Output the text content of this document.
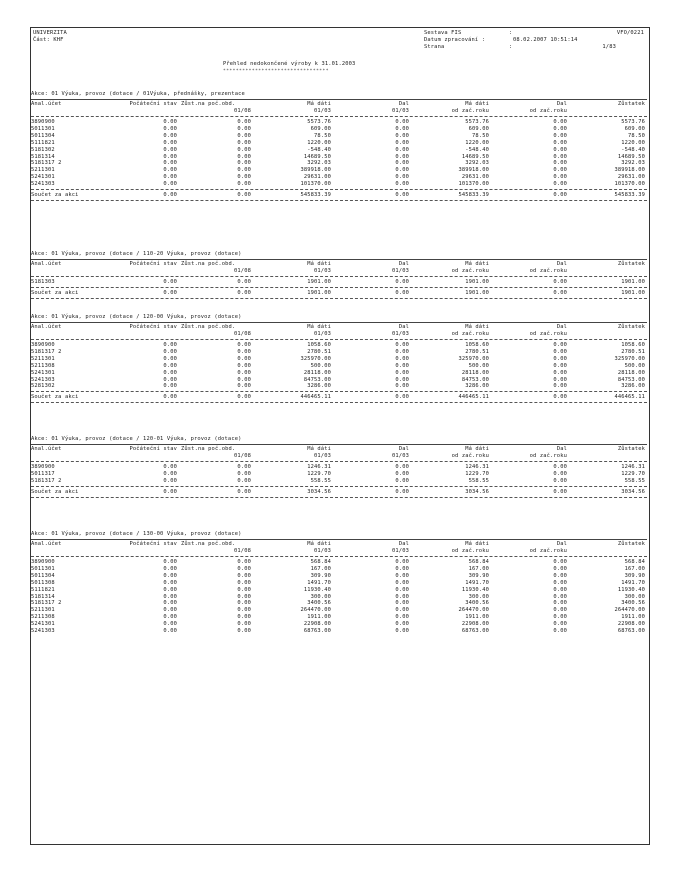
UNIVERZITA
Část: KHF
Sestava FIS	:	VFO/0221
Datum zpracování :	08.02.2007 10:51:14
Strana	:	1/83
Přehled nedokončené výroby k 31.01.2003
*********************************
Akce: 01 Výuka, provoz (dotace / 01Výuka, přednášky, prezentace
Anal.účet	Počáteční stav Zůst.na poč.obd.	Má dáti	Dal	Má dáti	Dal	Zůstatek
01/08	01/03	01/03	od zač.roku	od zač.roku
3890900	0.00	0.00	5573.76	0.00	5573.76	0.00	5573.76
5011301	0.00	0.00	609.00	0.00	609.00	0.00	609.00
5011304	0.00	0.00	78.50	0.00	78.50	0.00	78.50
5111821	0.00	0.00	1220.00	0.00	1220.00	0.00	1220.00
5181302	0.00	0.00	-548.40	0.00	-548.40	0.00	-548.40
5181314	0.00	0.00	14689.50	0.00	14689.50	0.00	14689.50
5181317 2	0.00	0.00	3292.03	0.00	3292.03	0.00	3292.03
5211301	0.00	0.00	389918.00	0.00	389918.00	0.00	389918.00
5241301	0.00	0.00	29631.00	0.00	29631.00	0.00	29631.00
5241303	0.00	0.00	101370.00	0.00	101370.00	0.00	101370.00
Součet za akci	0.00	0.00	545833.39	0.00	545833.39	0.00	545833.39
Akce: 01 Výuka, provoz (dotace / 110-20 Výuka, provoz (dotace)
Anal.účet	Počáteční stav Zůst.na poč.obd.	Má dáti	Dal	Má dáti	Dal	Zůstatek
01/08	01/03	01/03	od zač.roku	od zač.roku
5181303	0.00	0.00	1901.00	0.00	1901.00	0.00	1901.00
Součet za akci	0.00	0.00	1901.00	0.00	1901.00	0.00	1901.00
Akce: 01 Výuka, provoz (dotace / 120-00 Výuka, provoz (dotace)
Anal.účet	Počáteční stav Zůst.na poč.obd.	Má dáti	Dal	Má dáti	Dal	Zůstatek
01/08	01/03	01/03	od zač.roku	od zač.roku
3890900	0.00	0.00	1058.60	0.00	1058.60	0.00	1058.60
5181317 2	0.00	0.00	2780.51	0.00	2780.51	0.00	2780.51
5211301	0.00	0.00	325970.00	0.00	325970.00	0.00	325970.00
5211308	0.00	0.00	500.00	0.00	500.00	0.00	500.00
5241301	0.00	0.00	28118.00	0.00	28118.00	0.00	28118.00
5241303	0.00	0.00	84753.00	0.00	84753.00	0.00	84753.00
5281302	0.00	0.00	3286.00	0.00	3286.00	0.00	3286.00
Součet za akci	0.00	0.00	446465.11	0.00	446465.11	0.00	446465.11
Akce: 01 Výuka, provoz (dotace / 120-01 Výuka, provoz (dotace)
Anal.účet	Počáteční stav Zůst.na poč.obd.	Má dáti	Dal	Má dáti	Dal	Zůstatek
01/08	01/03	01/03	od zač.roku	od zač.roku
3890900	0.00	0.00	1246.31	0.00	1246.31	0.00	1246.31
5011317	0.00	0.00	1229.70	0.00	1229.70	0.00	1229.70
5181317 2	0.00	0.00	558.55	0.00	558.55	0.00	558.55
Součet za akci	0.00	0.00	3034.56	0.00	3034.56	0.00	3034.56
Akce: 01 Výuka, provoz (dotace / 130-00 Výuka, provoz (dotace)
Anal.účet	Počáteční stav Zůst.na poč.obd.	Má dáti	Dal	Má dáti	Dal	Zůstatek
01/08	01/03	01/03	od zač.roku	od zač.roku
3890900	0.00	0.00	568.84	0.00	568.84	0.00	568.84
5011301	0.00	0.00	167.00	0.00	167.00	0.00	167.00
5011304	0.00	0.00	309.90	0.00	309.90	0.00	309.90
5011308	0.00	0.00	1491.70	0.00	1491.70	0.00	1491.70
5111821	0.00	0.00	11930.40	0.00	11930.40	0.00	11930.40
5181314	0.00	0.00	300.00	0.00	300.00	0.00	300.00
5181317 2	0.00	0.00	3400.56	0.00	3400.56	0.00	3400.56
5211301	0.00	0.00	264470.00	0.00	264470.00	0.00	264470.00
5211308	0.00	0.00	1911.00	0.00	1911.00	0.00	1911.00
5241301	0.00	0.00	22908.00	0.00	22908.00	0.00	22908.00
5241303	0.00	0.00	68763.00	0.00	68763.00	0.00	68763.00
